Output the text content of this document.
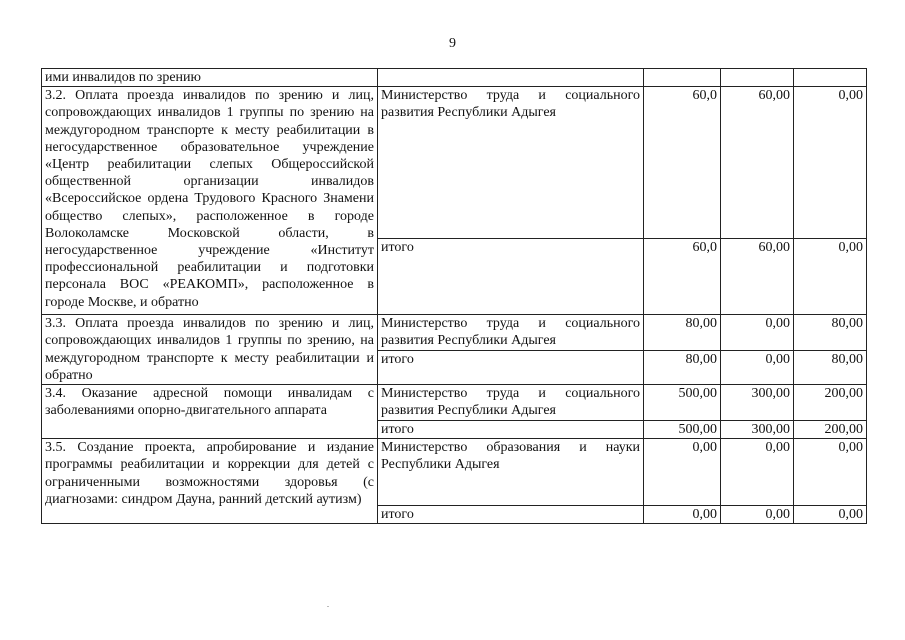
9
ими инвалидов по зрению				
3.2. Оплата проезда инвалидов по зрению и лиц, сопровождающих инвалидов 1 группы по зрению на междугородном транспорте к месту реабилитации в негосударственное образовательное учреждение «Центр реабилитации слепых Общероссийской общественной организации инвалидов «Всероссийское ордена Трудового Красного Знамени общество слепых», расположенное в городе Волоколамске Московской области, в негосударственное учреждение «Институт профессиональной реабилитации и подготовки персонала ВОС «РЕАКОМП», расположенное в городе Москве, и обратно	Министерство труда и социального развития Республики Адыгея	60,0	60,00	0,00
	итого	60,0	60,00	0,00
3.3. Оплата проезда инвалидов по зрению и лиц, сопровождающих инвалидов 1 группы по зрению, на междугородном транспорте к месту реабилитации и обратно	Министерство труда и социального развития Республики Адыгея	80,00	0,00	80,00
	итого	80,00	0,00	80,00
3.4. Оказание адресной помощи инвалидам с заболеваниями опорно-двигательного аппарата	Министерство труда и социального развития Республики Адыгея	500,00	300,00	200,00
	итого	500,00	300,00	200,00
3.5. Создание проекта, апробирование и издание программы реабилитации и коррекции для детей с ограниченными возможностями здоровья (с диагнозами: синдром Дауна, ранний детский аутизм)	Министерство образования и науки Республики Адыгея	0,00	0,00	0,00
	итого	0,00	0,00	0,00
